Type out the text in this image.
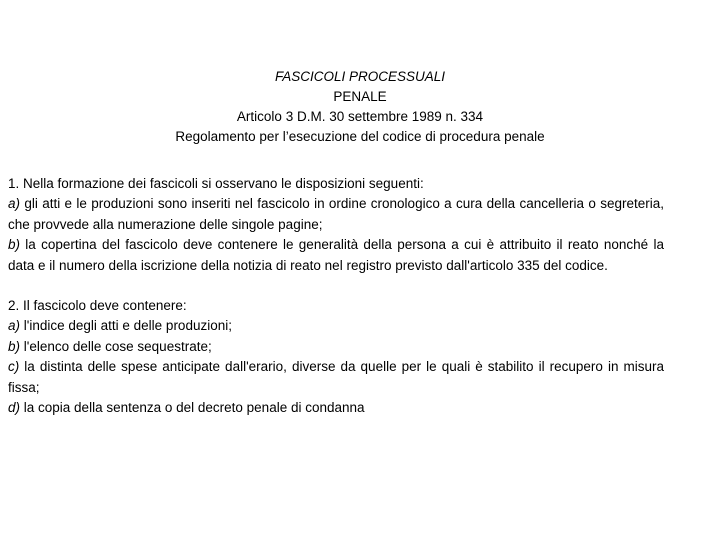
FASCICOLI PROCESSUALI
PENALE
Articolo 3 D.M. 30 settembre 1989 n. 334
Regolamento per l’esecuzione del codice di procedura penale

1. Nella formazione dei fascicoli si osservano le disposizioni seguenti:

a) gli atti e le produzioni sono inseriti nel fascicolo in ordine cronologico a cura della cancelleria o segreteria, che provvede alla numerazione delle singole pagine;

b) la copertina del fascicolo deve contenere le generalità della persona a cui è attribuito il reato nonché la data e il numero della iscrizione della notizia di reato nel registro previsto dall'articolo 335 del codice.

2. Il fascicolo deve contenere:

a) l'indice degli atti e delle produzioni;

b) l'elenco delle cose sequestrate;

c) la distinta delle spese anticipate dall'erario, diverse da quelle per le quali è stabilito il recupero in misura fissa;

d) la copia della sentenza o del decreto penale di condanna
